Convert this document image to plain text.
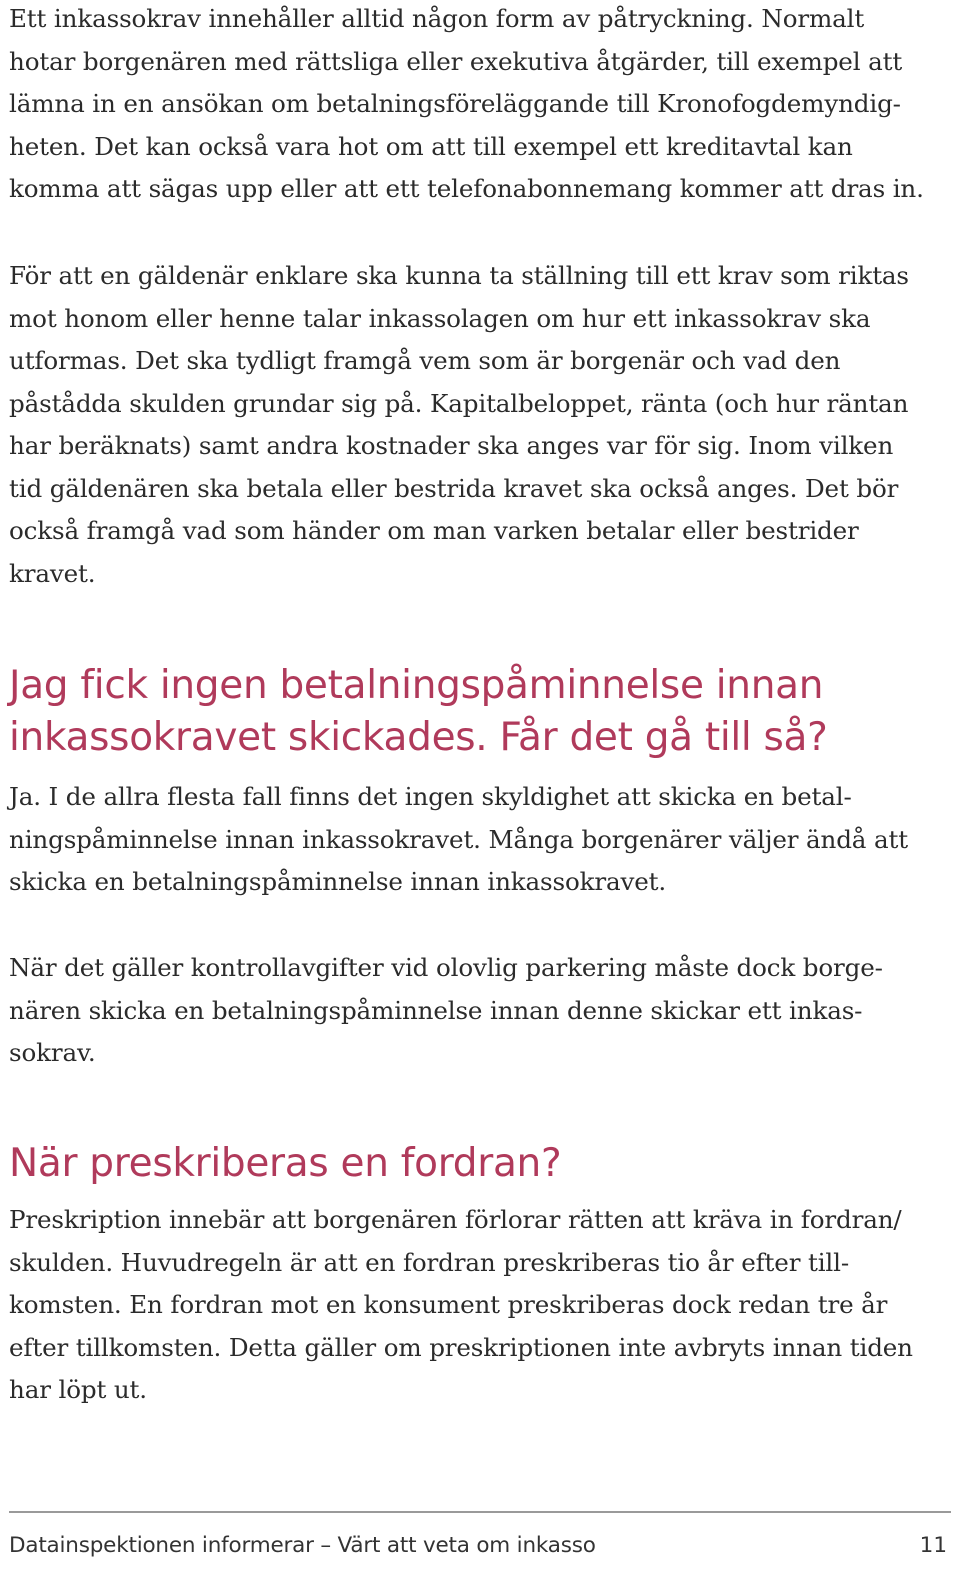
Ett inkassokrav innehåller alltid någon form av påtryckning. Normalt
hotar borgenären med rättsliga eller exekutiva åtgärder, till exempel att
lämna in en ansökan om betalningsföreläggande till Kronofogdemyndig-
heten. Det kan också vara hot om att till exempel ett kreditavtal kan
komma att sägas upp eller att ett telefonabonnemang kommer att dras in.

För att en gäldenär enklare ska kunna ta ställning till ett krav som riktas
mot honom eller henne talar inkassolagen om hur ett inkassokrav ska
utformas. Det ska tydligt framgå vem som är borgenär och vad den
påstådda skulden grundar sig på. Kapitalbeloppet, ränta (och hur räntan
har beräknats) samt andra kostnader ska anges var för sig. Inom vilken
tid gäldenären ska betala eller bestrida kravet ska också anges. Det bör
också framgå vad som händer om man varken betalar eller bestrider
kravet.

Jag fick ingen betalningspåminnelse innan
inkassokravet skickades. Får det gå till så?

Ja. I de allra flesta fall finns det ingen skyldighet att skicka en betal-
ningspåminnelse innan inkassokravet. Många borgenärer väljer ändå att
skicka en betalningspåminnelse innan inkassokravet.

När det gäller kontrollavgifter vid olovlig parkering måste dock borge-
nären skicka en betalningspåminnelse innan denne skickar ett inkas-
sokrav.

När preskriberas en fordran?

Preskription innebär att borgenären förlorar rätten att kräva in fordran/
skulden. Huvudregeln är att en fordran preskriberas tio år efter till-
komsten. En fordran mot en konsument preskriberas dock redan tre år
efter tillkomsten. Detta gäller om preskriptionen inte avbryts innan tiden
har löpt ut.

Datainspektionen informerar – Värt att veta om inkasso	11
